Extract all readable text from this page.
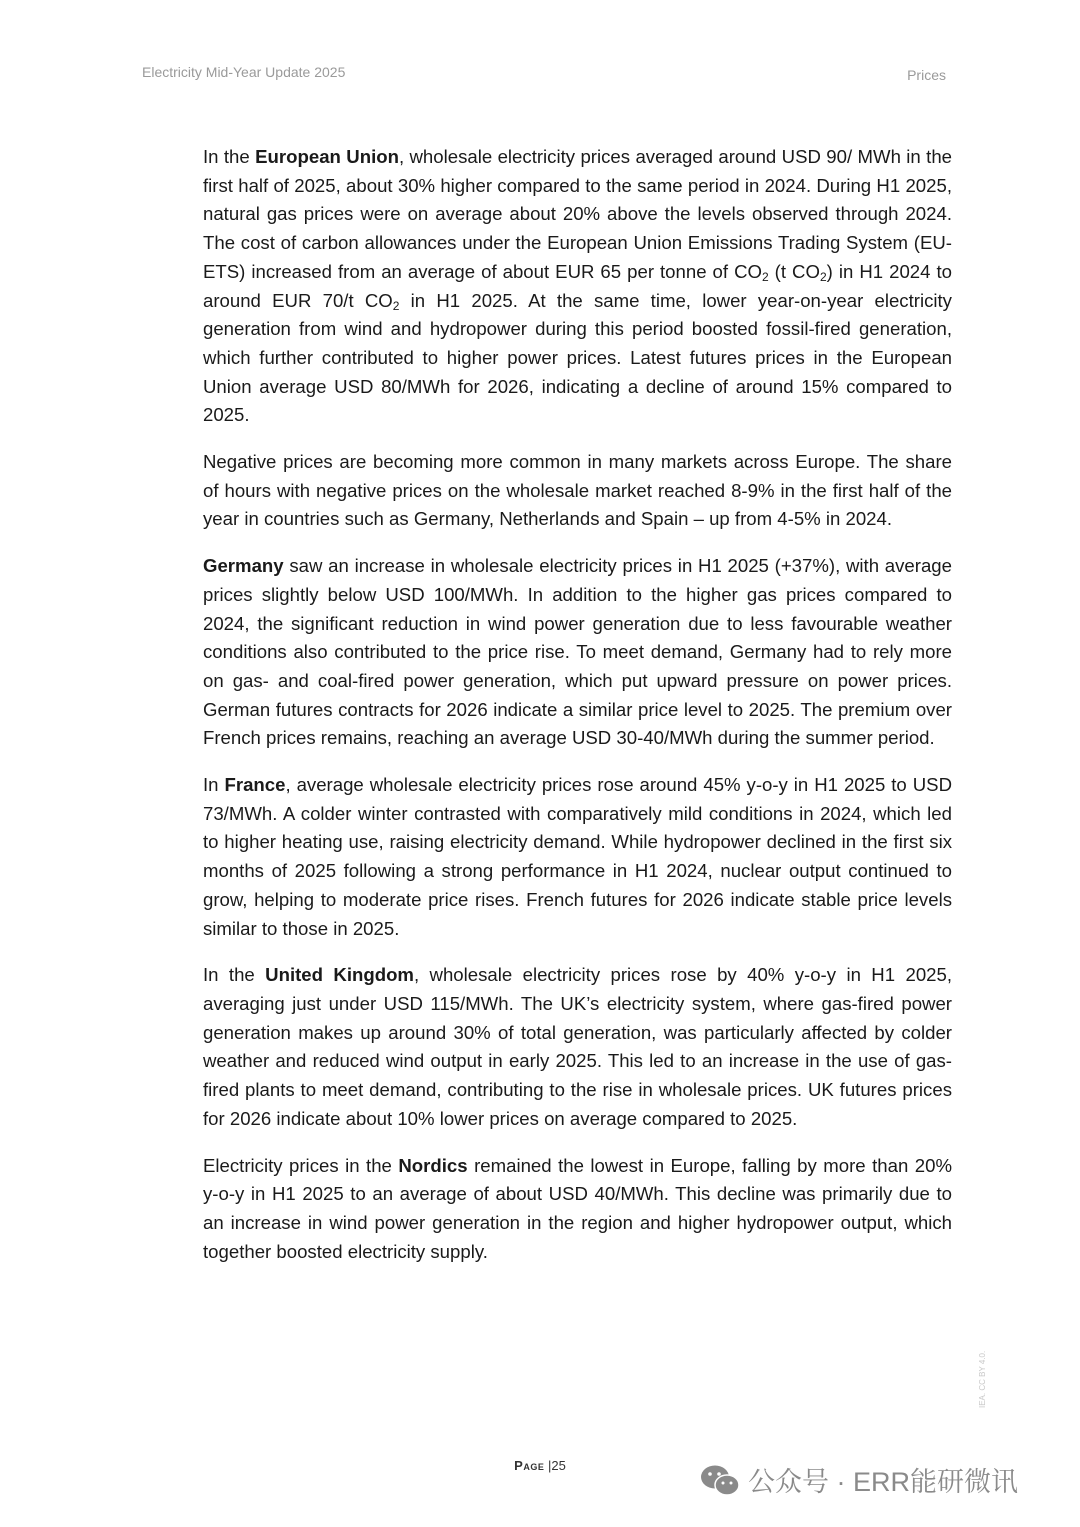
Electricity Mid-Year Update 2025	Prices

In the European Union, wholesale electricity prices averaged around USD 90/ MWh in the first half of 2025, about 30% higher compared to the same period in 2024. During H1 2025, natural gas prices were on average about 20% above the levels observed through 2024. The cost of carbon allowances under the European Union Emissions Trading System (EU-ETS) increased from an average of about EUR 65 per tonne of $CO_2$ (t $CO_2$) in H1 2024 to around EUR 70/t $CO_2$ in H1 2025. At the same time, lower year-on-year electricity generation from wind and hydropower during this period boosted fossil-fired generation, which further contributed to higher power prices. Latest futures prices in the European Union average USD 80/MWh for 2026, indicating a decline of around 15% compared to 2025.

Negative prices are becoming more common in many markets across Europe. The share of hours with negative prices on the wholesale market reached 8-9% in the first half of the year in countries such as Germany, Netherlands and Spain – up from 4-5% in 2024.

Germany saw an increase in wholesale electricity prices in H1 2025 (+37%), with average prices slightly below USD 100/MWh. In addition to the higher gas prices compared to 2024, the significant reduction in wind power generation due to less favourable weather conditions also contributed to the price rise. To meet demand, Germany had to rely more on gas- and coal-fired power generation, which put upward pressure on power prices. German futures contracts for 2026 indicate a similar price level to 2025. The premium over French prices remains, reaching an average USD 30-40/MWh during the summer period.

In France, average wholesale electricity prices rose around 45% y-o-y in H1 2025 to USD 73/MWh. A colder winter contrasted with comparatively mild conditions in 2024, which led to higher heating use, raising electricity demand. While hydropower declined in the first six months of 2025 following a strong performance in H1 2024, nuclear output continued to grow, helping to moderate price rises. French futures for 2026 indicate stable price levels similar to those in 2025.

In the United Kingdom, wholesale electricity prices rose by 40% y-o-y in H1 2025, averaging just under USD 115/MWh. The UK’s electricity system, where gas-fired power generation makes up around 30% of total generation, was particularly affected by colder weather and reduced wind output in early 2025. This led to an increase in the use of gas-fired plants to meet demand, contributing to the rise in wholesale prices. UK futures prices for 2026 indicate about 10% lower prices on average compared to 2025.

Electricity prices in the Nordics remained the lowest in Europe, falling by more than 20% y-o-y in H1 2025 to an average of about USD 40/MWh. This decline was primarily due to an increase in wind power generation in the region and higher hydropower output, which together boosted electricity supply.

Page |25
IEA. CC BY 4.0.
公众号 · ERR能研微讯
